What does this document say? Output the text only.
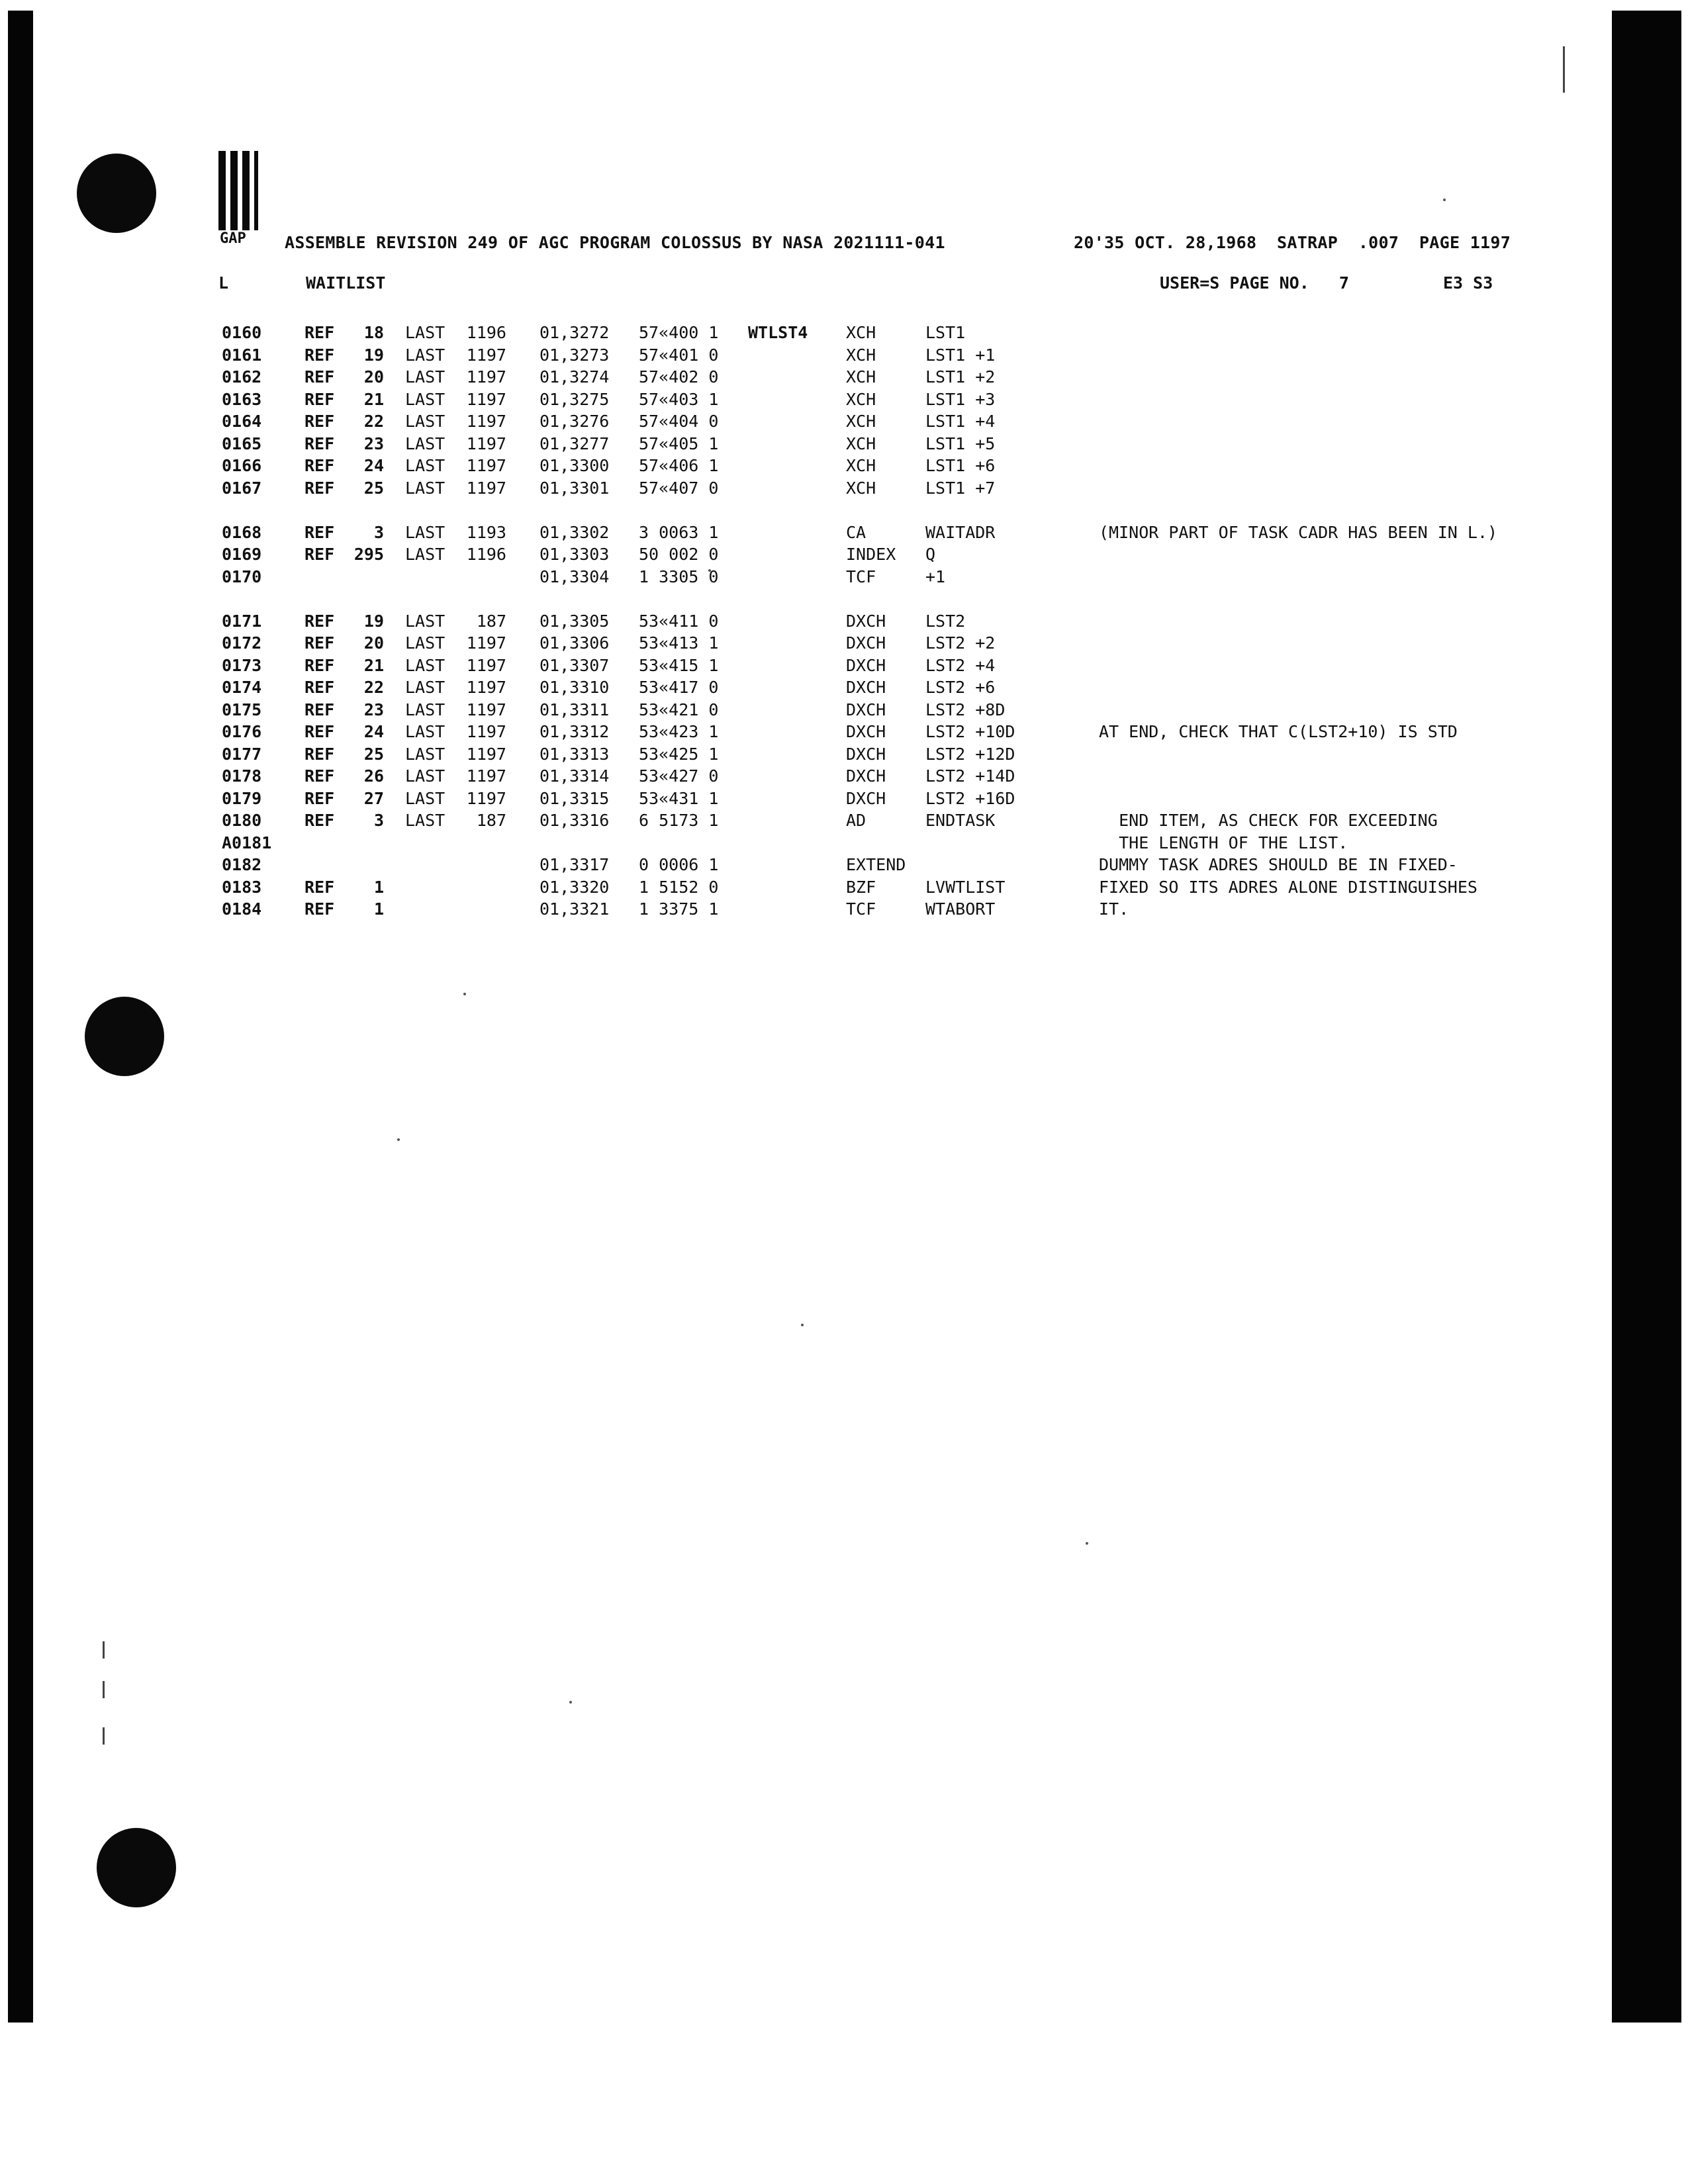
GAP ASSEMBLE REVISION 249 OF AGC PROGRAM COLOSSUS BY NASA 2021111-041	20'35 OCT. 28,1968  SATRAP  .007  PAGE 1197
L	WAITLIST	USER=S PAGE NO.   7	E3 S3
0160	REF	18 LAST	1196 01,3272 57«400 1 WTLST4 XCH	LST1
0161	REF	19 LAST	1197 01,3273 57«401 0	XCH	LST1 +1
0162	REF	20 LAST	1197 01,3274 57«402 0	XCH	LST1 +2
0163	REF	21 LAST	1197 01,3275 57«403 1	XCH	LST1 +3
0164	REF	22 LAST	1197 01,3276 57«404 0	XCH	LST1 +4
0165	REF	23 LAST	1197 01,3277 57«405 1	XCH	LST1 +5
0166	REF	24 LAST	1197 01,3300 57«406 1	XCH	LST1 +6
0167	REF	25 LAST	1197 01,3301 57«407 0	XCH	LST1 +7
0168	REF	3 LAST	1193 01,3302 3 0063 1	CA	WAITADR	(MINOR PART OF TASK CADR HAS BEEN IN L.)
0169	REF	295 LAST	1196 01,3303 50 002 0	INDEX Q
0170	01,3304 1 3305 0	TCF	+1
0171	REF	19 LAST	187 01,3305 53«411 0	DXCH LST2
0172	REF	20 LAST	1197 01,3306 53«413 1	DXCH LST2 +2
0173	REF	21 LAST	1197 01,3307 53«415 1	DXCH LST2 +4
0174	REF	22 LAST	1197 01,3310 53«417 0	DXCH LST2 +6
0175	REF	23 LAST	1197 01,3311 53«421 0	DXCH LST2 +8D
0176	REF	24 LAST	1197 01,3312 53«423 1	DXCH LST2 +10D	AT END, CHECK THAT C(LST2+10) IS STD
0177	REF	25 LAST	1197 01,3313 53«425 1	DXCH LST2 +12D
0178	REF	26 LAST	1197 01,3314 53«427 0	DXCH LST2 +14D
0179	REF	27 LAST	1197 01,3315 53«431 1	DXCH LST2 +16D
0180	REF	3 LAST	187 01,3316 6 5173 1	AD	ENDTASK	END ITEM, AS CHECK FOR EXCEEDING
A0181	THE LENGTH OF THE LIST.
0182	01,3317 0 0006 1	EXTEND	DUMMY TASK ADRES SHOULD BE IN FIXED-
0183	REF	1	01,3320 1 5152 0	BZF	LVWTLIST	FIXED SO ITS ADRES ALONE DISTINGUISHES
0184	REF	1	01,3321 1 3375 1	TCF	WTABORT	IT.
